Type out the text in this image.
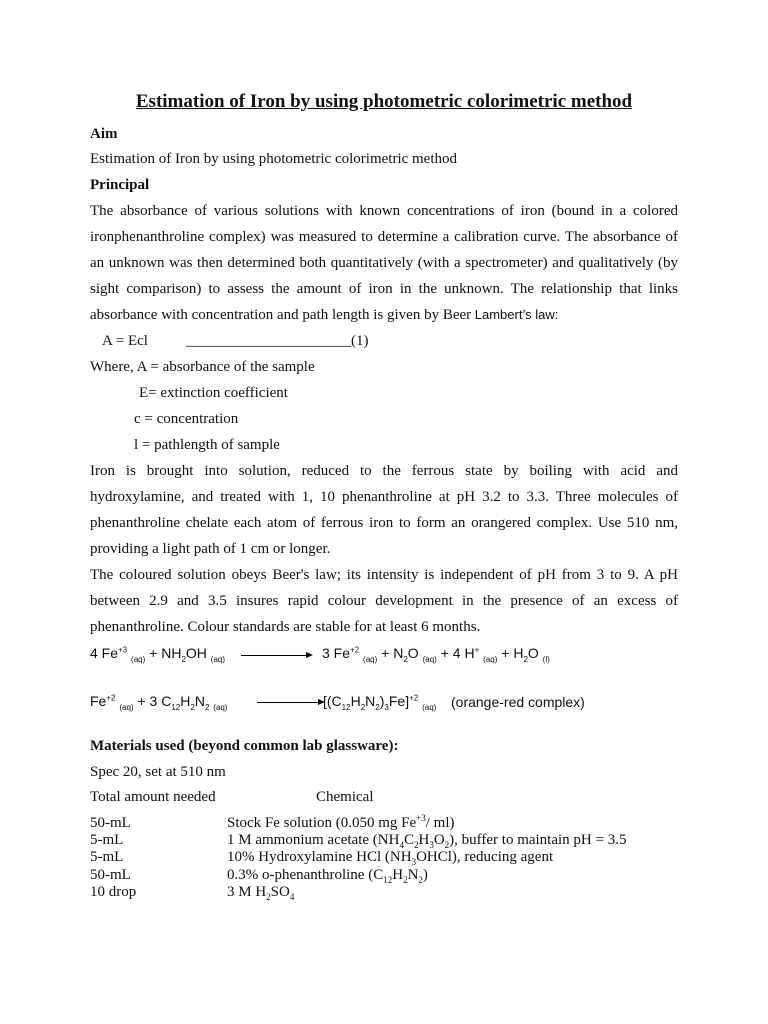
Estimation of Iron by using photometric colorimetric method
Aim
Estimation of Iron by using photometric colorimetric method
Principal
The absorbance of various solutions with known concentrations of iron (bound in a colored
ironphenanthroline complex) was measured to determine a calibration curve. The absorbance of
an unknown was then determined both quantitatively (with a spectrometer) and qualitatively (by
sight comparison) to assess the amount of iron in the unknown. The relationship that links
absorbance with concentration and path length is given by Beer Lambert’s law:
A = Ecl	______________________(1)
Where, A = absorbance of the sample
E= extinction coefficient
c = concentration
l = pathlength of sample
Iron is brought into solution, reduced to the ferrous state by boiling with acid and
hydroxylamine, and treated with 1, 10 phenanthroline at pH 3.2 to 3.3. Three molecules of
phenanthroline chelate each atom of ferrous iron to form an orangered complex. Use 510 nm,
providing a light path of 1 cm or longer.
The coloured solution obeys Beer's law; its intensity is independent of pH from 3 to 9. A pH
between 2.9 and 3.5 insures rapid colour development in the presence of an excess of
phenanthroline. Colour standards are stable for at least 6 months.
4 $Fe^{+3}$ $_{(aq)} + NH_2OH$ $_{(aq)}$	3 $Fe^{+2}$ $_{(aq)} + N_2O$ $_{(aq)}$ + 4 H+ $_{(aq)} + H_2O$ $_{(l)}$
$Fe^{+2}$ $_{(aq)}$ + 3 $C_{12}H_2N_2$ $_{(aq)}$	$[(C_{12}H_2N_2)_3Fe]^{+2}$ $_{(aq)}$ (orange-red complex)
Materials used (beyond common lab glassware):
Spec 20, set at 510 nm
Total amount needed	Chemical
50-mL	Stock Fe solution (0.050 mg $Fe^{+3}/$ ml)
5-mL	1 M ammonium acetate $(NH_4C_2H_3O_2)$, buffer to maintain pH = 3.5
5-mL	10% Hydroxylamine HCl $(NH_3OHCl)$, reducing agent
50-mL	0.3% o-phenanthroline $(C_{12}H_2N_2)$
10 drop	3 M $H_2SO_4$
